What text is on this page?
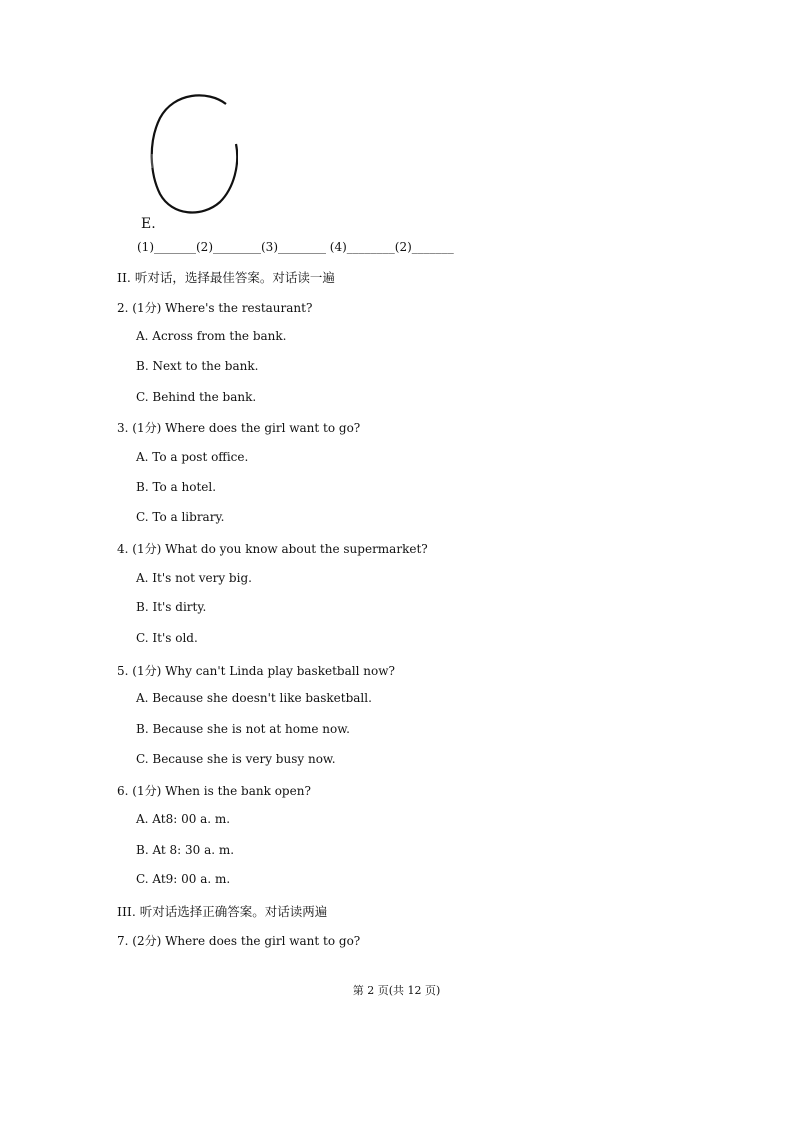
E.
(1)_______(2)________(3)________ (4)________(2)_______
II. 听对话，选择最佳答案。对话读一遍
2. (1分) Where's the restaurant?
A. Across from the bank.
B. Next to the bank.
C. Behind the bank.
3. (1分) Where does the girl want to go?
A. To a post office.
B. To a hotel.
C. To a library.
4. (1分) What do you know about the supermarket?
A. It's not very big.
B. It's dirty.
C. It's old.
5. (1分) Why can't Linda play basketball now?
A. Because she doesn't like basketball.
B. Because she is not at home now.
C. Because she is very busy now.
6. (1分) When is the bank open?
A. At8: 00 a. m.
B. At 8: 30 a. m.
C. At9: 00 a. m.
III. 听对话选择正确答案。对话读两遍
7. (2分) Where does the girl want to go?
第 2 页(共 12 页)
